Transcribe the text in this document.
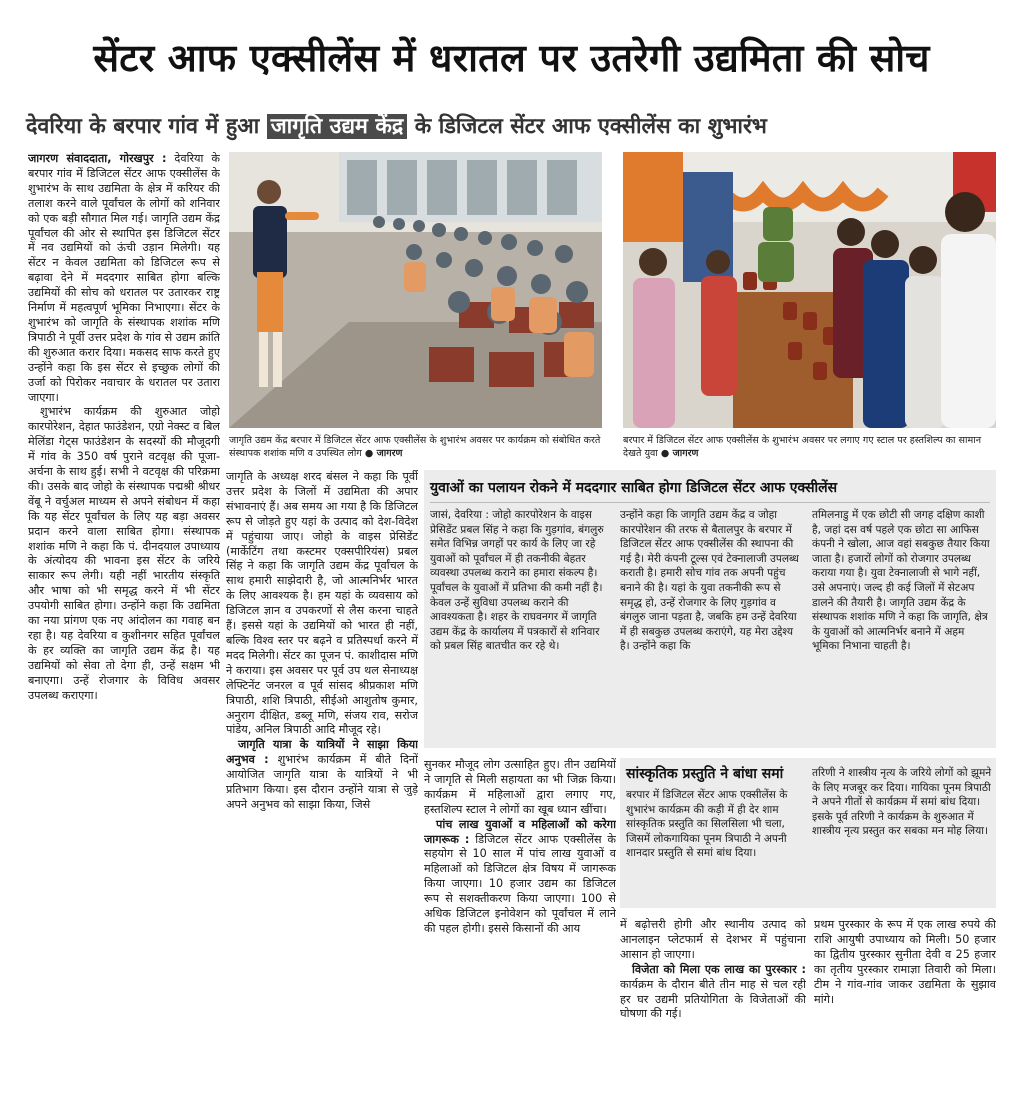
सेंटर आफ एक्सीलेंस में धरातल पर उतरेगी उद्यमिता की सोच
देवरिया के बरपार गांव में हुआ जागृति उद्यम केंद्र के डिजिटल सेंटर आफ एक्सीलेंस का शुभारंभ

जागरण संवाददाता, गोरखपुर : देवरिया के बरपार गांव में डिजिटल सेंटर आफ एक्सीलेंस के शुभारंभ के साथ उद्यमिता के क्षेत्र में करियर की तलाश करने वाले पूर्वांचल के लोगों को शनिवार को एक बड़ी सौगात मिल गई। जागृति उद्यम केंद्र पूर्वांचल की ओर से स्थापित इस डिजिटल सेंटर में नव उद्यमियों को ऊंची उड़ान मिलेगी। यह सेंटर न केवल उद्यमिता को डिजिटल रूप से बढ़ावा देने में मददगार साबित होगा बल्कि उद्यमियों की सोच को धरातल पर उतारकर राष्ट्र निर्माण में महत्वपूर्ण भूमिका निभाएगा। सेंटर के शुभारंभ को जागृति के संस्थापक शशांक मणि त्रिपाठी ने पूर्वी उत्तर प्रदेश के गांव से उद्यम क्रांति की शुरुआत करार दिया। मकसद साफ करते हुए उन्होंने कहा कि इस सेंटर से इच्छुक लोगों की उर्जा को पिरोकर नवाचार के धरातल पर उतारा जाएगा।

शुभारंभ कार्यक्रम की शुरुआत जोहो कारपोरेशन, देहात फाउंडेशन, एग्रो नेक्स्ट व बिल मेलिंडा गेट्स फाउंडेशन के सदस्यों की मौजूदगी में गांव के 350 वर्ष पुराने वटवृक्ष की पूजा-अर्चना के साथ हुई। सभी ने वटवृक्ष की परिक्रमा की। उसके बाद जोहो के संस्थापक पद्मश्री श्रीधर वेंबू ने वर्चुअल माध्यम से अपने संबोधन में कहा कि यह सेंटर पूर्वांचल के लिए यह बड़ा अवसर प्रदान करने वाला साबित होगा। संस्थापक शशांक मणि ने कहा कि पं. दीनदयाल उपाध्याय के अंत्योदय की भावना इस सेंटर के जरिये साकार रूप लेगी। यही नहीं भारतीय संस्कृति और भाषा को भी समृद्ध करने में भी सेंटर उपयोगी साबित होगा। उन्होंने कहा कि उद्यमिता का नया प्रांगण एक नए आंदोलन का गवाह बन रहा है। यह देवरिया व कुशीनगर सहित पूर्वांचल के हर व्यक्ति का जागृति उद्यम केंद्र है। यह उद्यमियों को सेवा तो देगा ही, उन्हें सक्षम भी बनाएगा। उन्हें रोजगार के विविध अवसर उपलब्ध कराएगा।

जागृति उद्यम केंद्र बरपार में डिजिटल सेंटर आफ एक्सीलेंस के शुभारंभ अवसर पर कार्यक्रम को संबोधित करते संस्थापक शशांक मणि व उपस्थित लोग ● जागरण
बरपार में डिजिटल सेंटर आफ एक्सीलेंस के शुभारंभ अवसर पर लगाए गए स्टाल पर हस्तशिल्प का सामान देखते युवा ● जागरण

जागृति के अध्यक्ष शरद बंसल ने कहा कि पूर्वी उत्तर प्रदेश के जिलों में उद्यमिता की अपार संभावनाएं हैं। अब समय आ गया है कि डिजिटल रूप से जोड़ते हुए यहां के उत्पाद को देश-विदेश में पहुंचाया जाए। जोहो के वाइस प्रेसिडेंट (मार्केटिंग तथा कस्टमर एक्सपीरियंस) प्रबल सिंह ने कहा कि जागृति उद्यम केंद्र पूर्वांचल के साथ हमारी साझेदारी है, जो आत्मनिर्भर भारत के लिए आवश्यक है। हम यहां के व्यवसाय को डिजिटल ज्ञान व उपकरणों से लैस करना चाहते हैं। इससे यहां के उद्यमियों को भारत ही नहीं, बल्कि विश्व स्तर पर बढ़ने व प्रतिस्पर्धा करने में मदद मिलेगी। सेंटर का पूजन पं. काशीदास मणि ने कराया। इस अवसर पर पूर्व उप थल सेनाध्यक्ष लेफ्टिनेंट जनरल व पूर्व सांसद श्रीप्रकाश मणि त्रिपाठी, शशि त्रिपाठी, सीईओ आशुतोष कुमार, अनुराग दीक्षित, डब्लू मणि, संजय राव, सरोज पांडेय, अनिल त्रिपाठी आदि मौजूद रहे।

जागृति यात्रा के यात्रियों ने साझा किया अनुभव : शुभारंभ कार्यक्रम में बीते दिनों आयोजित जागृति यात्रा के यात्रियों ने भी प्रतिभाग किया। इस दौरान उन्होंने यात्रा से जुड़े अपने अनुभव को साझा किया, जिसे

युवाओं का पलायन रोकने में मददगार साबित होगा डिजिटल सेंटर आफ एक्सीलेंस

जासं, देवरिया : जोहो कारपोरेशन के वाइस प्रेसिडेंट प्रबल सिंह ने कहा कि गुड़गांव, बंगलुरु समेत विभिन्न जगहों पर कार्य के लिए जा रहे युवाओं को पूर्वांचल में ही तकनीकी बेहतर व्यवस्था उपलब्ध कराने का हमारा संकल्प है। पूर्वांचल के युवाओं में प्रतिभा की कमी नहीं है। केवल उन्हें सुविधा उपलब्ध कराने की आवश्यकता है। शहर के राघवनगर में जागृति उद्यम केंद्र के कार्यालय में पत्रकारों से शनिवार को प्रबल सिंह बातचीत कर रहे थे।

उन्होंने कहा कि जागृति उद्यम केंद्र व जोहा कारपोरेशन की तरफ से बैतालपुर के बरपार में डिजिटल सेंटर आफ एक्सीलेंस की स्थापना की गई है। मेरी कंपनी टूल्स एवं टेक्नालाजी उपलब्ध कराती है। हमारी सोच गांव तक अपनी पहुंच बनाने की है। यहां के युवा तकनीकी रूप से समृद्ध हो, उन्हें रोजगार के लिए गुड़गांव व बंगलुरु जाना पड़ता है, जबकि हम उन्हें देवरिया में ही सबकुछ उपलब्ध कराएंगे, यह मेरा उद्देश्य है। उन्होंने कहा कि

तमिलनाडु में एक छोटी सी जगह दक्षिण काशी है, जहां दस वर्ष पहले एक छोटा सा आफिस कंपनी ने खोला, आज वहां सबकुछ तैयार किया जाता है। हजारों लोगों को रोजगार उपलब्ध कराया गया है। युवा टेक्नालाजी से भागे नहीं, उसे अपनाएं। जल्द ही कई जिलों में सेटअप डालने की तैयारी है। जागृति उद्यम केंद्र के संस्थापक शशांक मणि ने कहा कि जागृति, क्षेत्र के युवाओं को आत्मनिर्भर बनाने में अहम भूमिका निभाना चाहती है।

सुनकर मौजूद लोग उत्साहित हुए। तीन उद्यमियों ने जागृति से मिली सहायता का भी जिक्र किया। कार्यक्रम में महिलाओं द्वारा लगाए गए, हस्तशिल्प स्टाल ने लोगों का खूब ध्यान खींचा।

पांच लाख युवाओं व महिलाओं को करेगा जागरूक : डिजिटल सेंटर आफ एक्सीलेंस के सहयोग से 10 साल में पांच लाख युवाओं व महिलाओं को डिजिटल क्षेत्र विषय में जागरूक किया जाएगा। 10 हजार उद्यम का डिजिटल रूप से सशक्तीकरण किया जाएगा। 100 से अधिक डिजिटल इनोवेशन को पूर्वांचल में लाने की पहल होगी। इससे किसानों की आय

सांस्कृतिक प्रस्तुति ने बांधा समां

बरपार में डिजिटल सेंटर आफ एक्सीलेंस के शुभारंभ कार्यक्रम की कड़ी में ही देर शाम सांस्कृतिक प्रस्तुति का सिलसिला भी चला, जिसमें लोकगायिका पूनम त्रिपाठी ने अपनी शानदार प्रस्तुति से समां बांध दिया।

तरिणी ने शास्त्रीय नृत्य के जरिये लोगों को झूमने के लिए मजबूर कर दिया। गायिका पूनम त्रिपाठी ने अपने गीतों से कार्यक्रम में समां बांध दिया। इसके पूर्व तरिणी ने कार्यक्रम के शुरुआत में शास्त्रीय नृत्य प्रस्तुत कर सबका मन मोह लिया।

में बढ़ोत्तरी होगी और स्थानीय उत्पाद को आनलाइन प्लेटफार्म से देशभर में पहुंचाना आसान हो जाएगा।

विजेता को मिला एक लाख का पुरस्कार : कार्यक्रम के दौरान बीते तीन माह से चल रही हर घर उद्यमी प्रतियोगिता के विजेताओं की घोषणा की गई।

प्रथम पुरस्कार के रूप में एक लाख रुपये की राशि आयुषी उपाध्याय को मिली। 50 हजार का द्वितीय पुरस्कार सुनीता देवी व 25 हजार का तृतीय पुरस्कार रामाज्ञा तिवारी को मिला। टीम ने गांव-गांव जाकर उद्यमिता के सुझाव मांगे।
